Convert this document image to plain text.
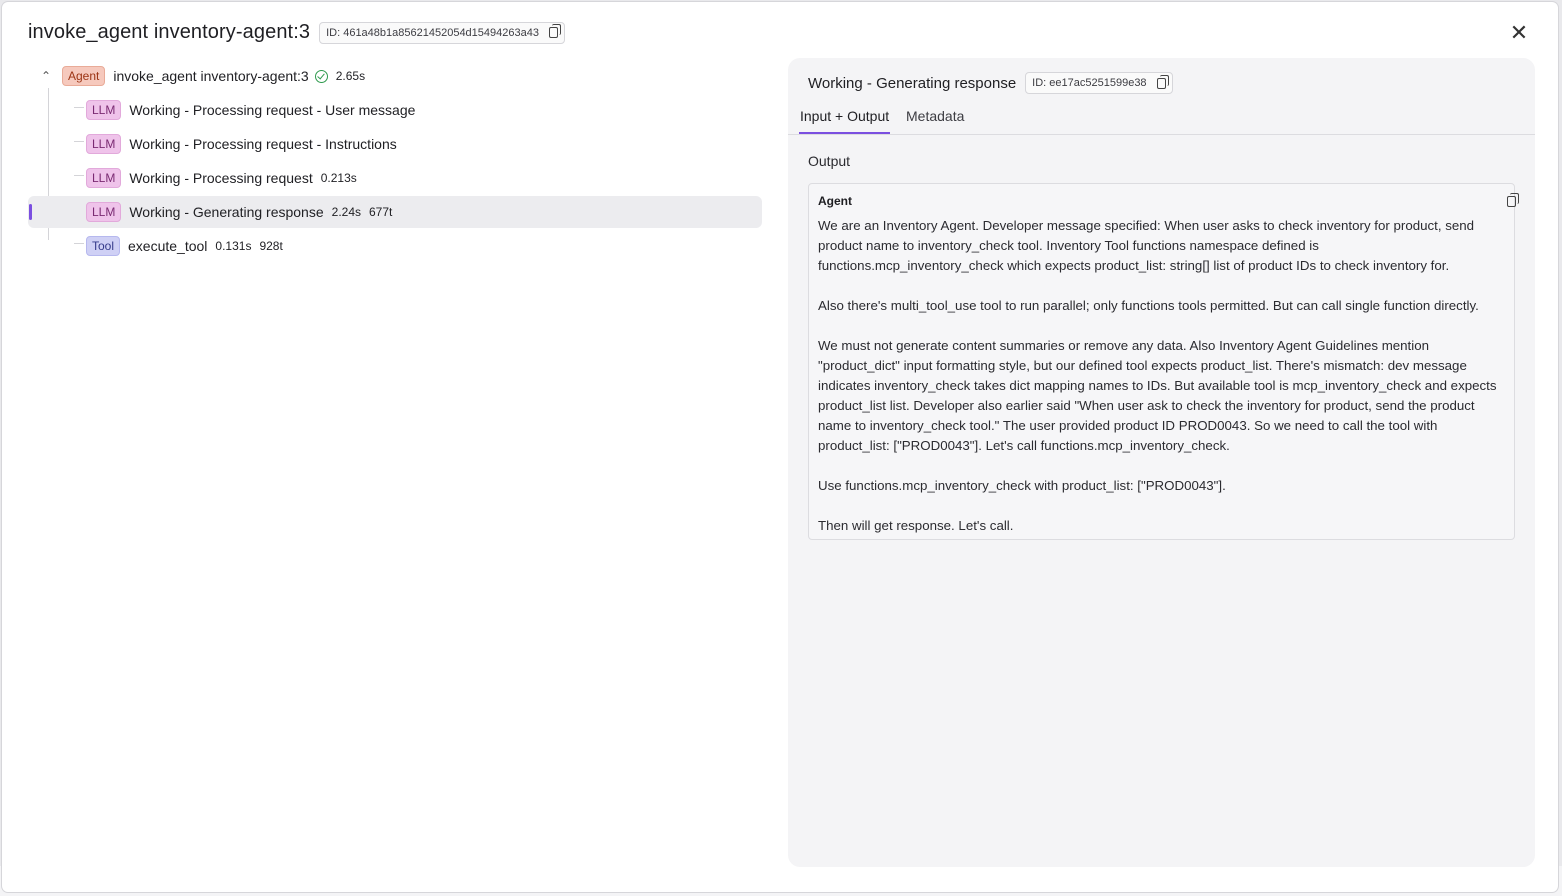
invoke_agent inventory-agent:3 ID: 461a48b1a85621452054d15494263a43	✕
⌃	Agent	invoke_agent inventory-agent:3 2.65s
LLM	Working - Processing request - User message
LLM	Working - Processing request - Instructions
LLM	Working - Processing request 0.213s
LLM	Working - Generating response 2.24s 677t
Tool	execute_tool 0.131s 928t
Working - Generating response ID: ee17ac5251599e38
Input + Output Metadata
Output
Agent

We are an Inventory Agent. Developer message specified: When user asks to check inventory for product, send product name to inventory_check tool. Inventory Tool functions namespace defined is functions.mcp_inventory_check which expects product_list: string[] list of product IDs to check inventory for.

Also there's multi_tool_use tool to run parallel; only functions tools permitted. But can call single function directly.

We must not generate content summaries or remove any data. Also Inventory Agent Guidelines mention "product_dict" input formatting style, but our defined tool expects product_list. There's mismatch: dev message indicates inventory_check takes dict mapping names to IDs. But available tool is mcp_inventory_check and expects product_list list. Developer also earlier said "When user ask to check the inventory for product, send the product name to inventory_check tool." The user provided product ID PROD0043. So we need to call the tool with product_list: ["PROD0043"]. Let's call functions.mcp_inventory_check.

Use functions.mcp_inventory_check with product_list: ["PROD0043"].

Then will get response. Let's call.
